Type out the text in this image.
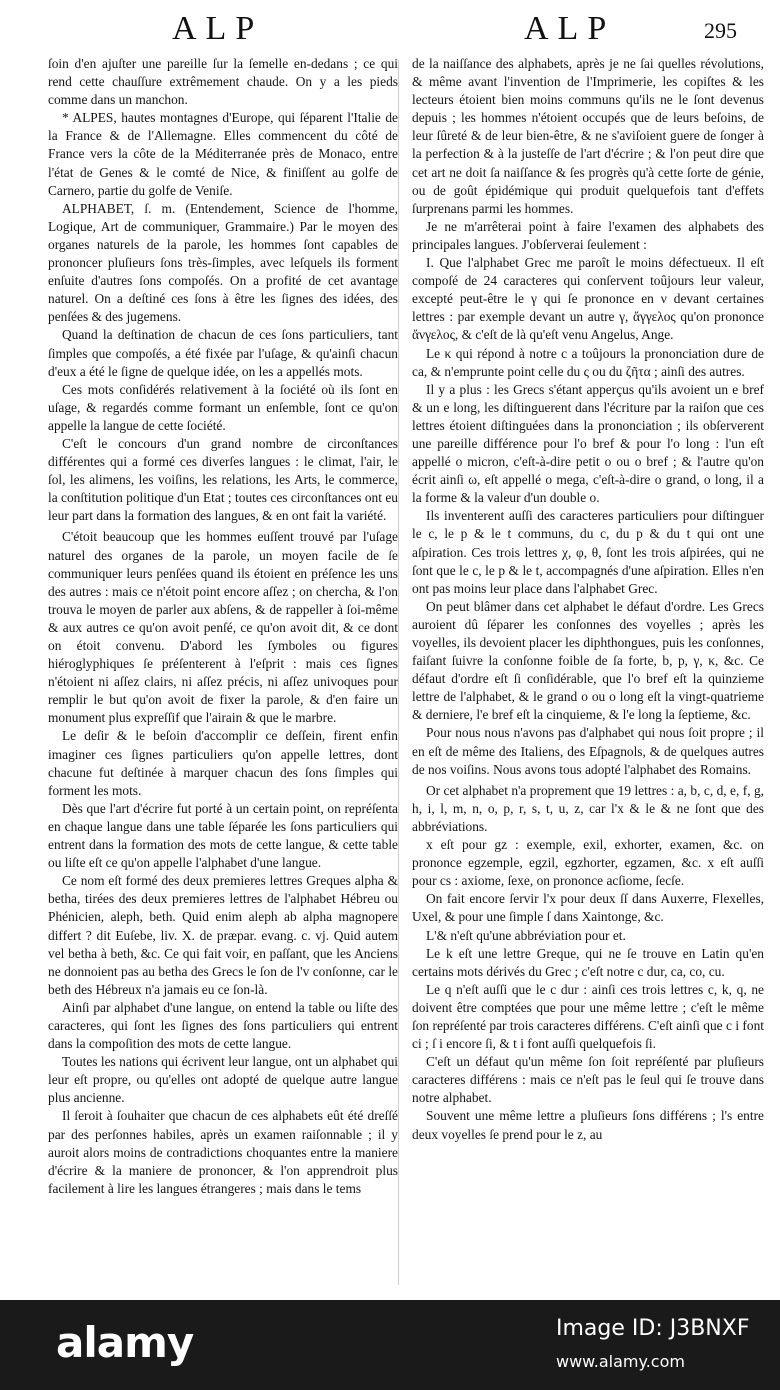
ALP	ALP	295

ſoin d'en ajuſter une pareille ſur la ſemelle en-dedans ; ce qui rend cette chauſſure extrêmement chaude. On y a les pieds comme dans un manchon.

* ALPES, hautes montagnes d'Europe, qui ſéparent l'Italie de la France & de l'Allemagne. Elles commencent du côté de France vers la côte de la Méditerranée près de Monaco, entre l'état de Genes & le comté de Nice, & finiſſent au golfe de Carnero, partie du golfe de Veniſe.

ALPHABET, ſ. m. (Entendement, Science de l'homme, Logique, Art de communiquer, Grammaire.) Par le moyen des organes naturels de la parole, les hommes ſont capables de prononcer pluſieurs ſons très-ſimples, avec leſquels ils forment enſuite d'autres ſons compoſés. On a profité de cet avantage naturel. On a deſtiné ces ſons à être les ſignes des idées, des penſées & des jugemens.

Quand la deſtination de chacun de ces ſons particuliers, tant ſimples que compoſés, a été fixée par l'uſage, & qu'ainſi chacun d'eux a été le ſigne de quelque idée, on les a appellés mots.

Ces mots conſidérés relativement à la ſociété où ils ſont en uſage, & regardés comme formant un enſemble, ſont ce qu'on appelle la langue de cette ſociété.

C'eſt le concours d'un grand nombre de circonſtances différentes qui a formé ces diverſes langues : le climat, l'air, le ſol, les alimens, les voiſins, les relations, les Arts, le commerce, la conſtitution politique d'un Etat ; toutes ces circonſtances ont eu leur part dans la formation des langues, & en ont fait la variété.

C'étoit beaucoup que les hommes euſſent trouvé par l'uſage naturel des organes de la parole, un moyen facile de ſe communiquer leurs penſées quand ils étoient en préſence les uns des autres : mais ce n'étoit point encore aſſez ; on chercha, & l'on trouva le moyen de parler aux abſens, & de rappeller à ſoi-même & aux autres ce qu'on avoit penſé, ce qu'on avoit dit, & ce dont on étoit convenu. D'abord les ſymboles ou figures hiéroglyphiques ſe préſenterent à l'eſprit : mais ces ſignes n'étoient ni aſſez clairs, ni aſſez précis, ni aſſez univoques pour remplir le but qu'on avoit de fixer la parole, & d'en faire un monument plus expreſſif que l'airain & que le marbre.

Le deſir & le beſoin d'accomplir ce deſſein, firent enfin imaginer ces ſignes particuliers qu'on appelle lettres, dont chacune fut deſtinée à marquer chacun des ſons ſimples qui forment les mots.

Dès que l'art d'écrire fut porté à un certain point, on repréſenta en chaque langue dans une table ſéparée les ſons particuliers qui entrent dans la formation des mots de cette langue, & cette table ou liſte eſt ce qu'on appelle l'alphabet d'une langue.

Ce nom eſt formé des deux premieres lettres Greques alpha & betha, tirées des deux premieres lettres de l'alphabet Hébreu ou Phénicien, aleph, beth. Quid enim aleph ab alpha magnopere differt ? dit Euſebe, liv. X. de præpar. evang. c. vj. Quid autem vel betha à beth, &c. Ce qui fait voir, en paſſant, que les Anciens ne donnoient pas au betha des Grecs le ſon de l'v conſonne, car le beth des Hébreux n'a jamais eu ce ſon-là.

Ainſi par alphabet d'une langue, on entend la table ou liſte des caracteres, qui ſont les ſignes des ſons particuliers qui entrent dans la compoſition des mots de cette langue.

Toutes les nations qui écrivent leur langue, ont un alphabet qui leur eſt propre, ou qu'elles ont adopté de quelque autre langue plus ancienne.

Il ſeroit à ſouhaiter que chacun de ces alphabets eût été dreſſé par des perſonnes habiles, après un examen raiſonnable ; il y auroit alors moins de contradictions choquantes entre la maniere d'écrire & la maniere de prononcer, & l'on apprendroit plus facilement à lire les langues étrangeres ; mais dans le tems

de la naiſſance des alphabets, après je ne ſai quelles révolutions, & même avant l'invention de l'Imprimerie, les copiſtes & les lecteurs étoient bien moins communs qu'ils ne le ſont devenus depuis ; les hommes n'étoient occupés que de leurs beſoins, de leur ſûreté & de leur bien-être, & ne s'aviſoient guere de ſonger à la perfection & à la justeſſe de l'art d'écrire ; & l'on peut dire que cet art ne doit ſa naiſſance & ſes progrès qu'à cette ſorte de génie, ou de goût épidémique qui produit quelquefois tant d'effets ſurprenans parmi les hommes.

Je ne m'arrêterai point à faire l'examen des alphabets des principales langues. J'obſerverai ſeulement :

I. Que l'alphabet Grec me paroît le moins défectueux. Il eſt compoſé de 24 caracteres qui conſervent toûjours leur valeur, excepté peut-être le γ qui ſe prononce en ν devant certaines lettres : par exemple devant un autre γ, ἄγγελος qu'on prononce ἄνγελος, & c'eſt de là qu'eſt venu Angelus, Ange.

Le κ qui répond à notre c a toûjours la prononciation dure de ca, & n'emprunte point celle du ς ou du ζῆτα ; ainſi des autres.

Il y a plus : les Grecs s'étant apperçus qu'ils avoient un e bref & un e long, les diſtinguerent dans l'écriture par la raiſon que ces lettres étoient diſtinguées dans la prononciation ; ils obſerverent une pareille différence pour l'o bref & pour l'o long : l'un eſt appellé o micron, c'eſt-à-dire petit o ou o bref ; & l'autre qu'on écrit ainſi ω, eſt appellé o mega, c'eſt-à-dire o grand, o long, il a la forme & la valeur d'un double o.

Ils inventerent auſſi des caracteres particuliers pour diſtinguer le c, le p & le t communs, du c, du p & du t qui ont une aſpiration. Ces trois lettres χ, φ, θ, ſont les trois aſpirées, qui ne ſont que le c, le p & le t, accompagnés d'une aſpiration. Elles n'en ont pas moins leur place dans l'alphabet Grec.

On peut blâmer dans cet alphabet le défaut d'ordre. Les Grecs auroient dû ſéparer les conſonnes des voyelles ; après les voyelles, ils devoient placer les diphthongues, puis les conſonnes, faiſant ſuivre la conſonne foible de ſa forte, b, p, γ, κ, &c. Ce défaut d'ordre eſt ſi conſidérable, que l'o bref eſt la quinzieme lettre de l'alphabet, & le grand o ou o long eſt la vingt-quatrieme & derniere, l'e bref eſt la cinquieme, & l'e long la ſeptieme, &c.

Pour nous nous n'avons pas d'alphabet qui nous ſoit propre ; il en eſt de même des Italiens, des Eſpagnols, & de quelques autres de nos voiſins. Nous avons tous adopté l'alphabet des Romains.

Or cet alphabet n'a proprement que 19 lettres : a, b, c, d, e, f, g, h, i, l, m, n, o, p, r, s, t, u, z, car l'x & le & ne ſont que des abbréviations.

x eſt pour gz : exemple, exil, exhorter, examen, &c. on prononce egzemple, egzil, egzhorter, egzamen, &c. x eſt auſſi pour cs : axiome, ſexe, on prononce acſiome, ſecſe.

On fait encore ſervir l'x pour deux ſſ dans Auxerre, Flexelles, Uxel, & pour une ſimple ſ dans Xaintonge, &c.

L'& n'eſt qu'une abbréviation pour et.

Le k eſt une lettre Greque, qui ne ſe trouve en Latin qu'en certains mots dérivés du Grec ; c'eſt notre c dur, ca, co, cu.

Le q n'eſt auſſi que le c dur : ainſi ces trois lettres c, k, q, ne doivent être comptées que pour une même lettre ; c'eſt le même ſon repréſenté par trois caracteres différens. C'eſt ainſi que c i font ci ; ſ i encore ſi, & t i font auſſi quelquefois ſi.

C'eſt un défaut qu'un même ſon ſoit repréſenté par pluſieurs caracteres différens : mais ce n'eſt pas le ſeul qui ſe trouve dans notre alphabet.

Souvent une même lettre a pluſieurs ſons différens ; l's entre deux voyelles ſe prend pour le z, au

alamy	Image ID: J3BNXF
www.alamy.com
